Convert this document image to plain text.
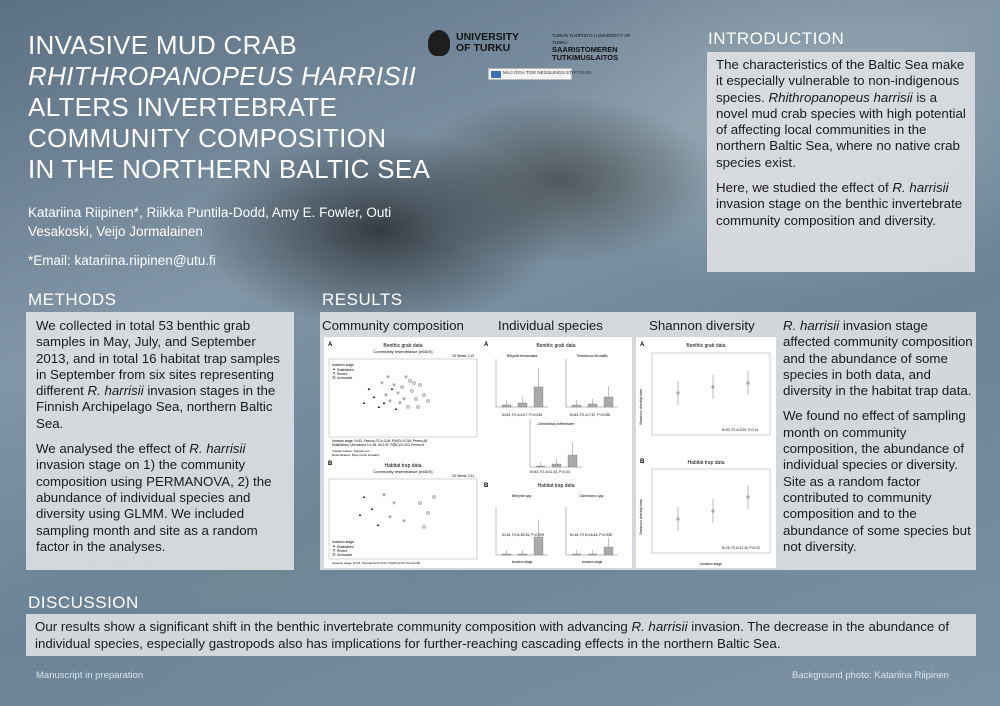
INVASIVE MUD CRAB
RHITHROPANOPEUS HARRISII
ALTERS INVERTEBRATE
COMMUNITY COMPOSITION
IN THE NORTHERN BALTIC SEA
Katariina Riipinen*, Riikka Puntila-Dodd, Amy E. Fowler, Outi Vesakoski, Veijo Jormalainen
*Email: katariina.riipinen@utu.fi
UNIVERSITY
OF TURKU
TURUN YLIOPISTO | UNIVERSITY OF TURKU
SAARISTOMEREN
TUTKIMUSLAITOS
MAJ OCH TOR NESSLINGS STIFTELSE
INTRODUCTION

The characteristics of the Baltic Sea make it especially vulnerable to non-indigenous species. Rhithropanopeus harrisii is a novel mud crab species with high potential of affecting local communities in the northern Baltic Sea, where no native crab species exist.

Here, we studied the effect of R. harrisii invasion stage on the benthic invertebrate community composition and diversity.

METHODS

We collected in total 53 benthic grab samples in May, July, and September 2013, and in total 16 habitat trap samples in September from six sites representing different R. harrisii invasion stages in the Finnish Archipelago Sea, northern Baltic Sea.

We analysed the effect of R. harrisii invasion stage on 1) the community composition using PERMANOVA, 2) the abundance of individual species and diversity using GLMM. We included sampling month and site as a random factor in the analyses.

RESULTS
Community composition	Individual species	Shannon diversity
A	Benthic grab data
Community resemblance (nMDS)
2D Stress: 0.19
Invasion stage
Established
Recent
Uninvaded
Invasion stage: N=53, Pseudo-F2,4=3.06, P(MC)=0.016, Perms=45
Established, Uninvaded: t=1.96, t4=2.92, P(MC)=0.020, Perms=5
Transformation: Square root
Resemblance: Bray-Curtis similarity
B	Habitat trap data
Community resemblance (nMDS)
2D Stress: 0.11
Invasion stage
Established
Recent
Uninvaded
Invasion stage: N=16, Pseudo-F2,6=3.04, P(MC)=0.03, Perms=60
A	Benthic grab data
Bithynia tentaculata	Theodoxus fluviatilis
N=53, F2,4=14.7, P=0.035	N=53, F2,4=7.67, P=0.038
Limnodrilus hoffmeisteri
N=53, F2,4=11.34, P=0.04
B	Habitat trap data
Bithynia spp.	Gammarus spp.
N=16, F2,6=52.26, P=0.009	N=16, F2,6=16.44, P=0.035
Invasion stage	Invasion stage
A	Benthic grab data
Shannon's diversity index
N=53, F2,4=0.25, P=0.14
B	Habitat trap data
Shannon's diversity index
N=16, F2,6=12.43, P=0.03
Invasion stage

R. harrisii invasion stage affected community composition and the abundance of some species in both data, and diversity in the habitat trap data.

We found no effect of sampling month on community composition, the abundance of individual species or diversity. Site as a random factor contributed to community composition and to the abundance of some species but not diversity.

DISCUSSION
Our results show a significant shift in the benthic invertebrate community composition with advancing R. harrisii invasion. The decrease in the abundance of individual species, especially gastropods also has implications for further-reaching cascading effects in the northern Baltic Sea.
Manuscript in preparation	Background photo: Katariina Riipinen
